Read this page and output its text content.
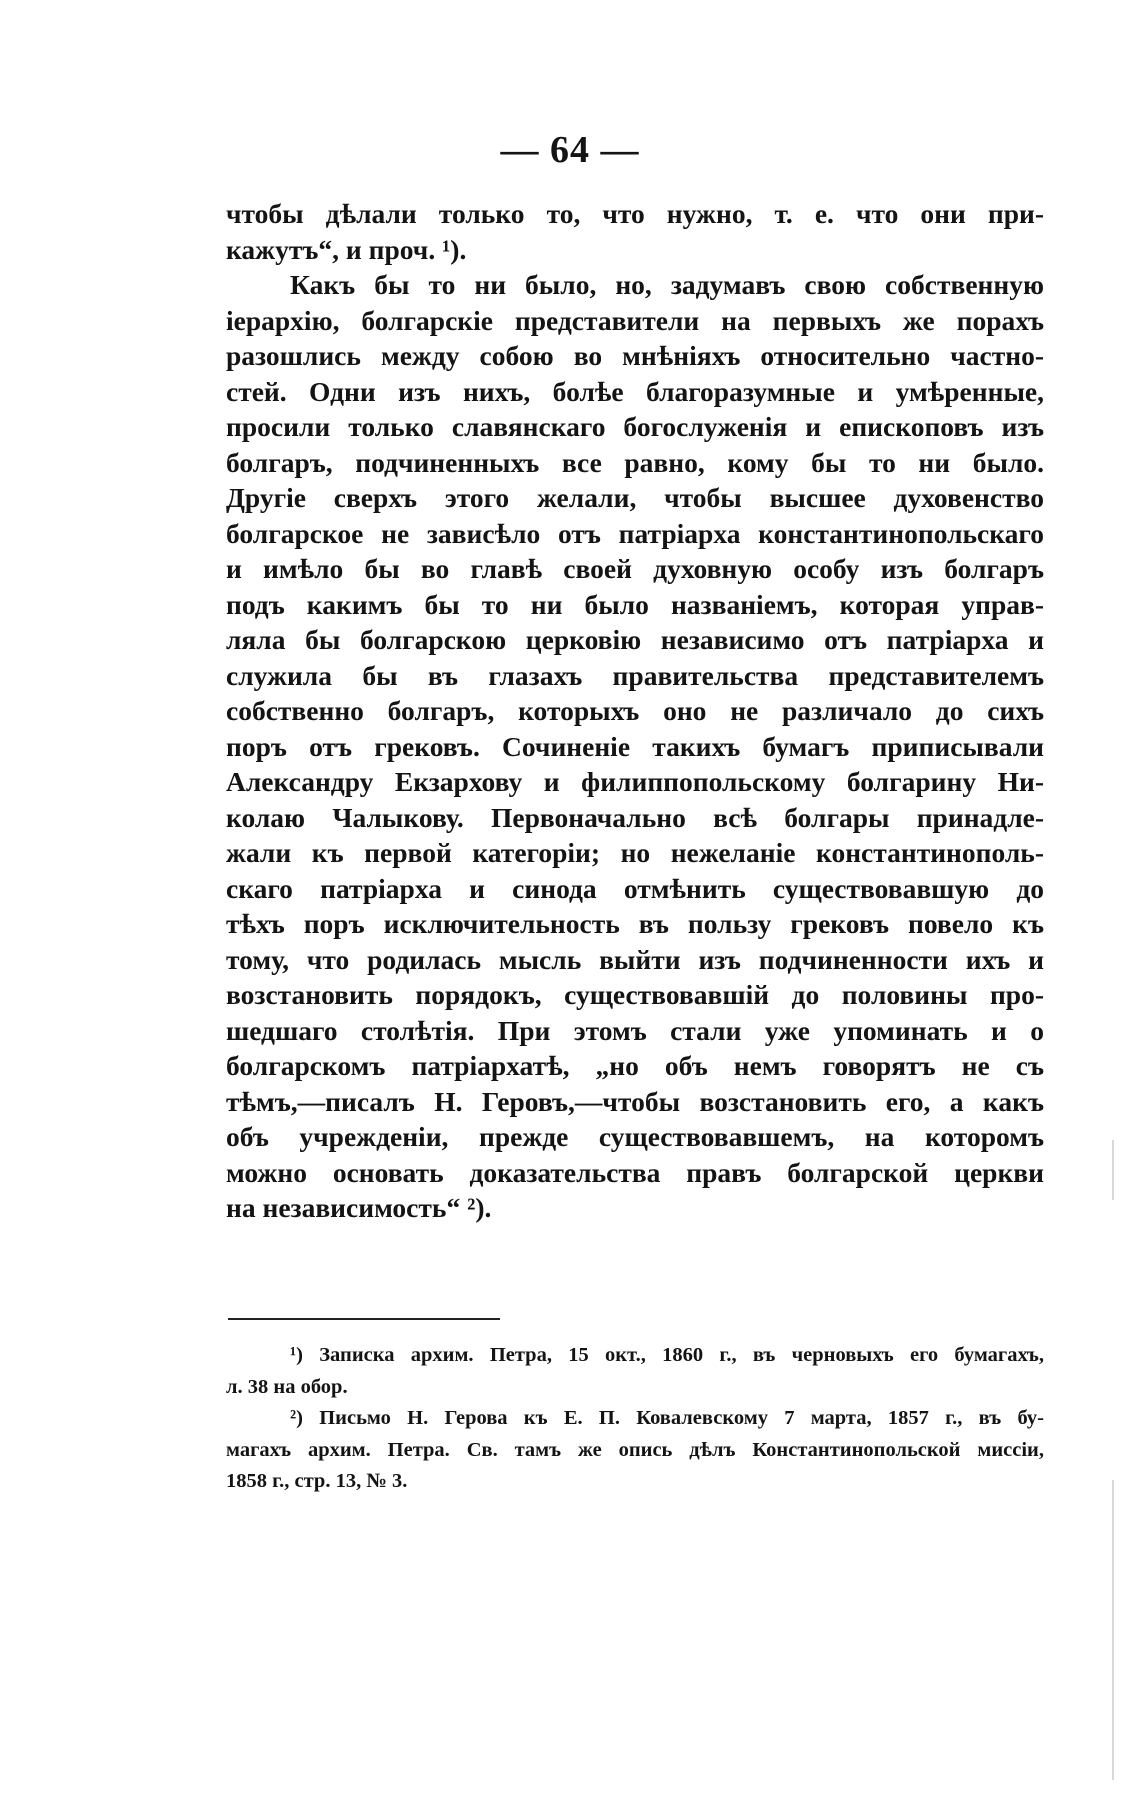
— 64 —

чтобы дѣлали только то, что нужно, т. е. что они при-
кажутъ“, и проч. ¹).
Какъ бы то ни было, но, задумавъ свою собственную
іерархію, болгарскіе представители на первыхъ же порахъ
разошлись между собою во мнѣніяхъ относительно частно-
стей. Одни изъ нихъ, болѣе благоразумные и умѣренные,
просили только славянскаго богослуженія и епископовъ изъ
болгаръ, подчиненныхъ все равно, кому бы то ни было.
Другіе сверхъ этого желали, чтобы высшее духовенство
болгарское не зависѣло отъ патріарха константинопольскаго
и имѣло бы во главѣ своей духовную особу изъ болгаръ
подъ какимъ бы то ни было названіемъ, которая управ-
ляла бы болгарскою церковію независимо отъ патріарха и
служила бы въ глазахъ правительства представителемъ
собственно болгаръ, которыхъ оно не различало до сихъ
поръ отъ грековъ. Сочиненіе такихъ бумагъ приписывали
Александру Екзархову и филиппопольскому болгарину Ни-
колаю Чалыкову. Первоначально всѣ болгары принадле-
жали къ первой категоріи; но нежеланіе константинополь-
скаго патріарха и синода отмѣнить существовавшую до
тѣхъ поръ исключительность въ пользу грековъ повело къ
тому, что родилась мысль выйти изъ подчиненности ихъ и
возстановить порядокъ, существовавшій до половины про-
шедшаго столѣтія. При этомъ стали уже упоминать и о
болгарскомъ патріархатѣ, „но объ немъ говорятъ не съ
тѣмъ,—писалъ Н. Геровъ,—чтобы возстановить его, а какъ
объ учрежденіи, прежде существовавшемъ, на которомъ
можно основать доказательства правъ болгарской церкви
на независимость“ ²).

¹) Записка архим. Петра, 15 окт., 1860 г., въ черновыхъ его бумагахъ,
л. 38 на обор.
²) Письмо Н. Герова къ Е. П. Ковалевскому 7 марта, 1857 г., въ бу-
магахъ архим. Петра. Св. тамъ же опись дѣлъ Константинопольской миссіи,
1858 г., стр. 13, № 3.
